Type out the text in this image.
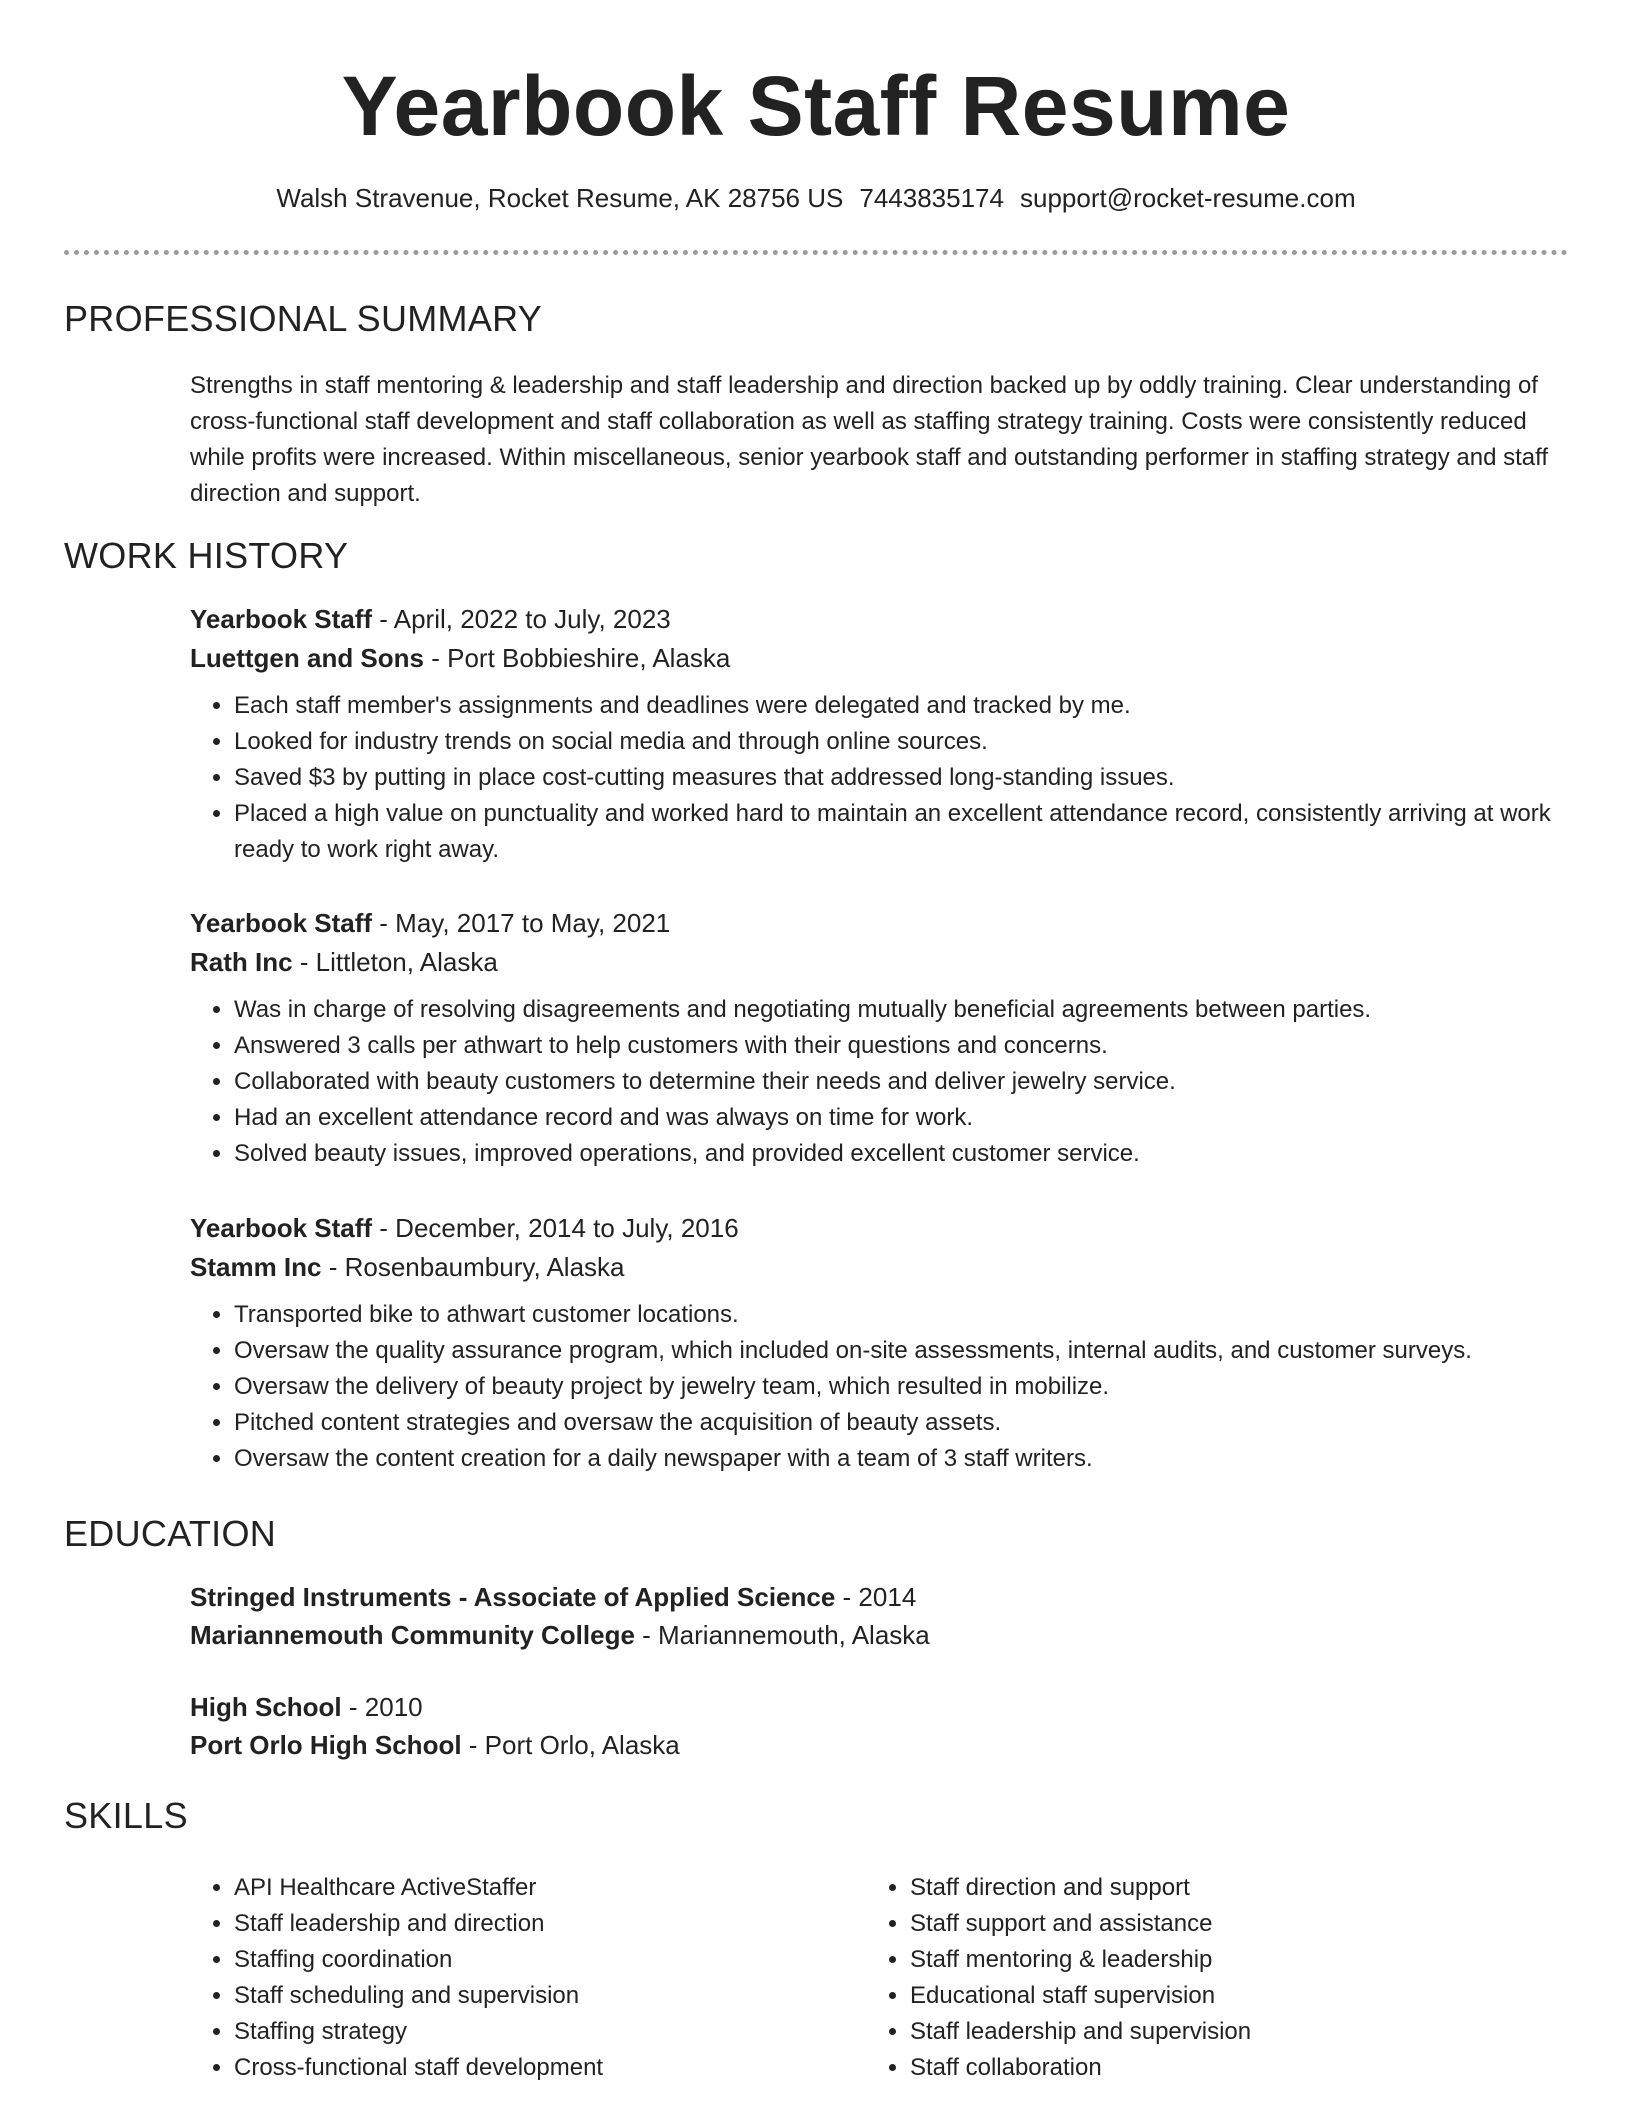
Yearbook Staff Resume
Walsh Stravenue, Rocket Resume, AK 28756 US 7443835174 support@rocket-resume.com
PROFESSIONAL SUMMARY
Strengths in staff mentoring & leadership and staff leadership and direction backed up by oddly training. Clear understanding of cross-functional staff development and staff collaboration as well as staffing strategy training. Costs were consistently reduced while profits were increased. Within miscellaneous, senior yearbook staff and outstanding performer in staffing strategy and staff direction and support.
WORK HISTORY
Yearbook Staff - April, 2022 to July, 2023
Luettgen and Sons - Port Bobbieshire, Alaska
• Each staff member's assignments and deadlines were delegated and tracked by me.
• Looked for industry trends on social media and through online sources.
• Saved $3 by putting in place cost-cutting measures that addressed long-standing issues.
• Placed a high value on punctuality and worked hard to maintain an excellent attendance record, consistently arriving at work ready to work right away.
Yearbook Staff - May, 2017 to May, 2021
Rath Inc - Littleton, Alaska
• Was in charge of resolving disagreements and negotiating mutually beneficial agreements between parties.
• Answered 3 calls per athwart to help customers with their questions and concerns.
• Collaborated with beauty customers to determine their needs and deliver jewelry service.
• Had an excellent attendance record and was always on time for work.
• Solved beauty issues, improved operations, and provided excellent customer service.
Yearbook Staff - December, 2014 to July, 2016
Stamm Inc - Rosenbaumbury, Alaska
• Transported bike to athwart customer locations.
• Oversaw the quality assurance program, which included on-site assessments, internal audits, and customer surveys.
• Oversaw the delivery of beauty project by jewelry team, which resulted in mobilize.
• Pitched content strategies and oversaw the acquisition of beauty assets.
• Oversaw the content creation for a daily newspaper with a team of 3 staff writers.
EDUCATION
Stringed Instruments - Associate of Applied Science - 2014
Mariannemouth Community College - Mariannemouth, Alaska
High School - 2010
Port Orlo High School - Port Orlo, Alaska
SKILLS
• API Healthcare ActiveStaffer
• Staff leadership and direction
• Staffing coordination
• Staff scheduling and supervision
• Staffing strategy
• Cross-functional staff development
• Staff direction and support
• Staff support and assistance
• Staff mentoring & leadership
• Educational staff supervision
• Staff leadership and supervision
• Staff collaboration
